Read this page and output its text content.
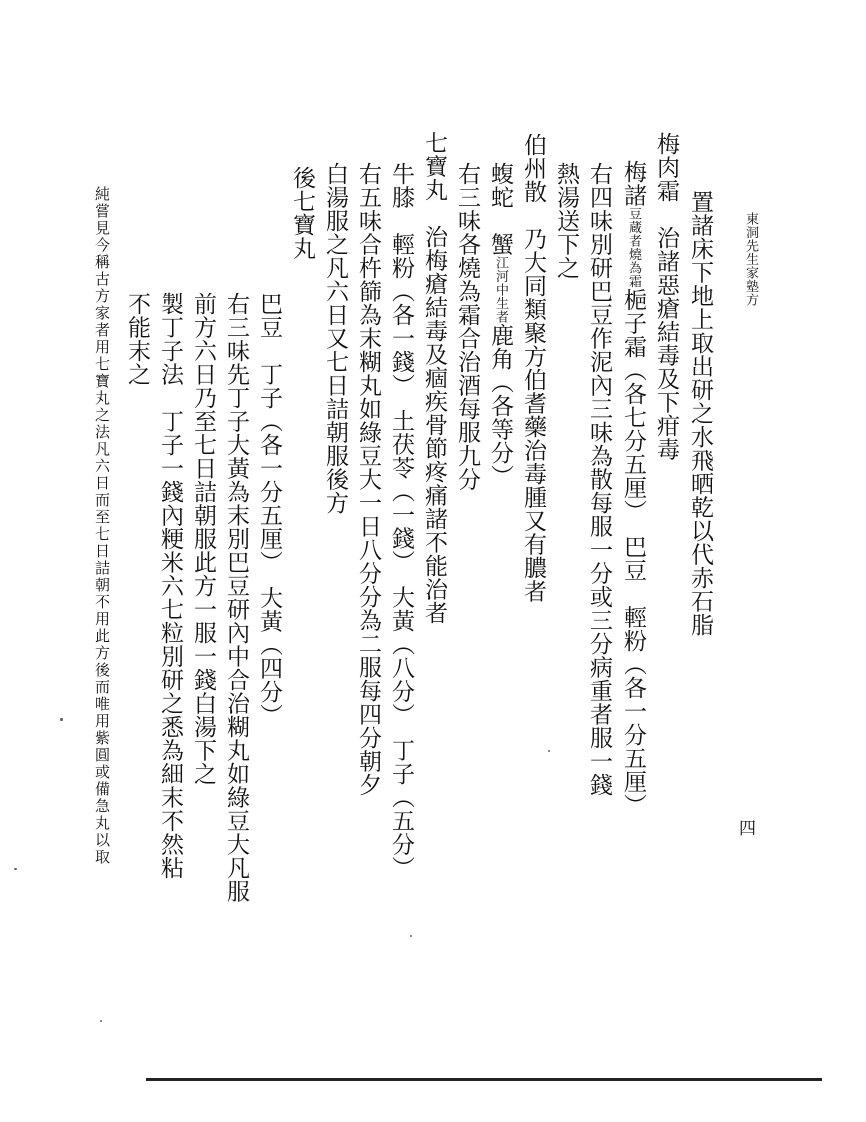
東洞先生家塾方
四
置諸床下地上取出研之水飛晒乾以代赤石脂
梅肉霜　治諸惡瘡結毒及下疳毒
梅諸豆蔵者燒為霜梔子霜（各七分五厘）　巴豆　輕粉（各一分五厘）
右四味別研巴豆作泥內三味為散每服一分或三分病重者服一錢
熱湯送下之
伯州散　乃大同類聚方伯耆藥治毒腫又有膿者
蝮蛇　蟹江河中生者鹿角（各等分）
右三味各燒為霜合治酒每服九分
七寶丸　治梅瘡結毒及痼疾骨節疼痛諸不能治者
牛膝　輕粉（各一錢）　土茯苓（一錢）　大黃（八分）　丁子（五分）
右五味合杵篩為末糊丸如綠豆大一日八分分為二服每四分朝夕
白湯服之凡六日又七日詰朝服後方
後七寶丸
巴豆　丁子（各一分五厘）　大黃（四分）
右三味先丁子大黃為末別巴豆研內中合治糊丸如綠豆大凡服
前方六日乃至七日詰朝服此方一服一錢白湯下之
製丁子法　丁子一錢內粳米六七粒別研之悉為細末不然粘
不能末之
純嘗見今稱古方家者用七寶丸之法凡六日而至七日詰朝不用此方後而唯用紫圓或備急丸以取
